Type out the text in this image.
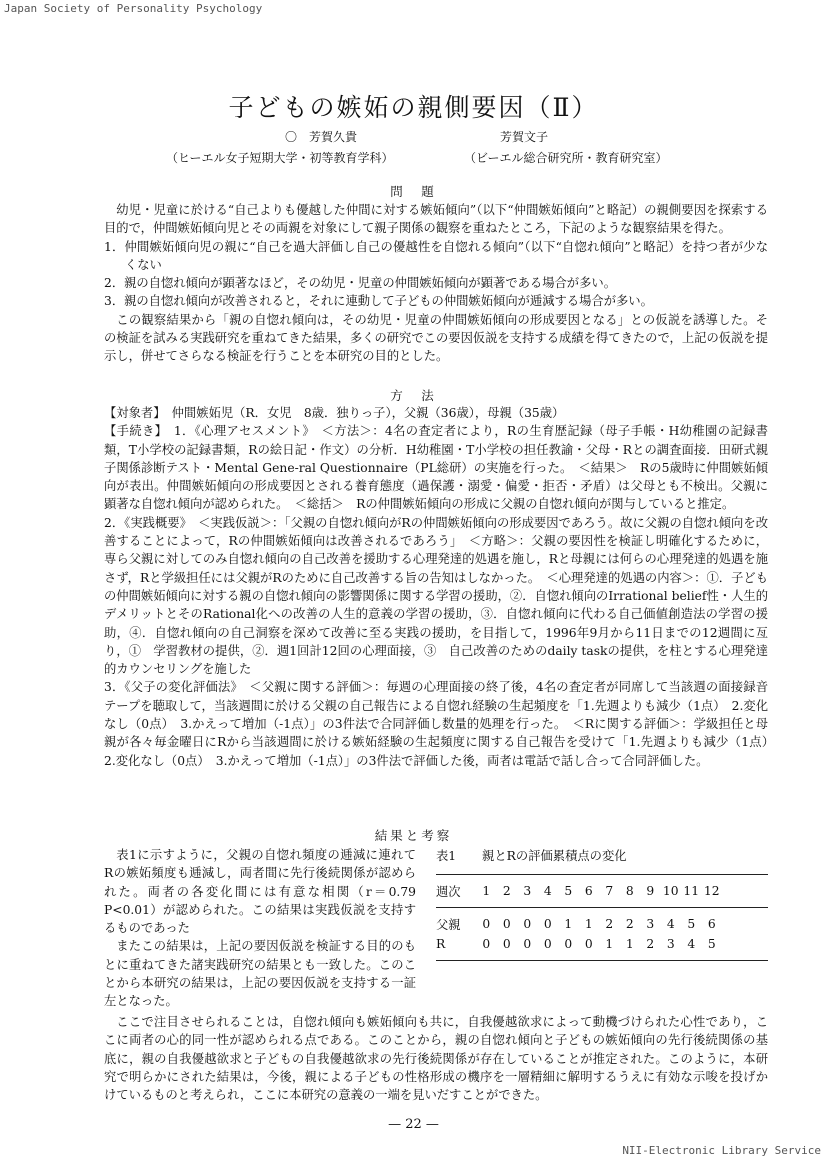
Japan Society of Personality Psychology
子どもの嫉妬の親側要因（Ⅱ）
〇　芳賀久貴	芳賀文子
（ヒーエル女子短期大学・初等教育学科）	（ビーエル総合研究所・教育研究室）
問　題

幼児・児童に於ける“自己よりも優越した仲間に対する嫉妬傾向”（以下“仲間嫉妬傾向”と略記）の親側要因を探索する目的で，仲間嫉妬傾向児とその両親を対象にして親子関係の観察を重ねたところ，下記のような観察結果を得た。

1．仲間嫉妬傾向児の親に“自己を過大評価し自己の優越性を自惚れる傾向”（以下“自惚れ傾向”と略記）を持つ者が少なくない

2．親の自惚れ傾向が顕著なほど，その幼児・児童の仲間嫉妬傾向が顕著である場合が多い。

3．親の自惚れ傾向が改善されると，それに連動して子どもの仲間嫉妬傾向が逓減する場合が多い。

この観察結果から「親の自惚れ傾向は，その幼児・児童の仲間嫉妬傾向の形成要因となる」との仮説を誘導した。その検証を試みる実践研究を重ねてきた結果，多くの研究でこの要因仮説を支持する成績を得てきたので，上記の仮説を提示し，併せてさらなる検証を行うことを本研究の目的とした。

方　法

【対象者】　仲間嫉妬児（R．女児　8歳．独りっ子），父親（36歳），母親（35歳）

【手続き】　1．《心理アセスメント》　＜方法＞：4名の査定者により，Rの生育歴記録（母子手帳・H幼稚園の記録書類，T小学校の記録書類，Rの絵日記・作文）の分析．H幼稚園・T小学校の担任教諭・父母・Rとの調査面接．田研式親子関係診断テスト・Mental Gene-ral Questionnaire（PL総研）の実施を行った。　＜結果＞　Rの5歳時に仲間嫉妬傾向が表出。仲間嫉妬傾向の形成要因とされる養育態度（過保護・溺愛・偏愛・拒否・矛盾）は父母とも不検出。父親に顕著な自惚れ傾向が認められた。　＜総括＞　Rの仲間嫉妬傾向の形成に父親の自惚れ傾向が関与していると推定。

2．《実践概要》　＜実践仮説＞：「父親の自惚れ傾向がRの仲間嫉妬傾向の形成要因であろう。故に父親の自惚れ傾向を改善することによって，Rの仲間嫉妬傾向は改善されるであろう」　＜方略＞：父親の要因性を検証し明確化するために，専ら父親に対してのみ自惚れ傾向の自己改善を援助する心理発達的処遇を施し，Rと母親には何らの心理発達的処遇を施さず，Rと学級担任には父親がRのために自己改善する旨の告知はしなかった。　＜心理発達的処遇の内容＞：①．子どもの仲間嫉妬傾向に対する親の自惚れ傾向の影響関係に関する学習の援助，②．自惚れ傾向のIrrational belief性・人生的デメリットとそのRational化への改善の人生的意義の学習の援助，③．自惚れ傾向に代わる自己価値創造法の学習の援助，④．自惚れ傾向の自己洞察を深めて改善に至る実践の援助，を目指して，1996年9月から11日までの12週間に亙り，①　学習教材の提供，②．週1回計12回の心理面接，③　自己改善のためのdaily taskの提供，を柱とする心理発達的カウンセリングを施した

3．《父子の変化評価法》　＜父親に関する評価＞：毎週の心理面接の終了後，4名の査定者が同席して当該週の面接録音テープを聴取して，当該週間に於ける父親の自己報告による自惚れ経験の生起頻度を「1.先週よりも減少（1点）　2.変化なし（0点）　3.かえって増加（-1点）」の3件法で合同評価し数量的処理を行った。　＜Rに関する評価＞：学級担任と母親が各々毎金曜日にRから当該週間に於ける嫉妬経験の生起頻度に関する自己報告を受けて「1.先週よりも減少（1点）　2.変化なし（0点）　3.かえって増加（-1点）」の3件法で評価した後，両者は電話で話し合って合同評価した。

結果と考察

表1に示すように，父親の自惚れ頻度の逓減に連れてRの嫉妬頻度も逓減し，両者間に先行後続関係が認められた。両者の各変化間には有意な相関（r＝0.79 P<0.01）が認められた。この結果は実践仮説を支持するものであった

またこの結果は，上記の要因仮説を検証する目的のもとに重ねてきた諸実践研究の結果とも一致した。このことから本研究の結果は，上記の要因仮説を支持する一証左となった。

表1 親とRの評価累積点の変化
週次	1	2	3	4	5	6	7	8	9 10 11 12
父親	0	0	0	0	1	1	2	2	3	4	5	6
R	0	0	0	0	0	0	1	1	2	3	4	5

ここで注目させられることは，自惚れ傾向も嫉妬傾向も共に，自我優越欲求によって動機づけられた心性であり，ここに両者の心的同一性が認められる点である。このことから，親の自惚れ傾向と子どもの嫉妬傾向の先行後続関係の基底に，親の自我優越欲求と子どもの自我優越欲求の先行後続関係が存在していることが推定された。このように，本研究で明らかにされた結果は，今後，親による子どもの性格形成の機序を一層精細に解明するうえに有効な示唆を投げかけているものと考えられ，ここに本研究の意義の一端を見いだすことができた。

— 22 —
NII-Electronic Library Service
